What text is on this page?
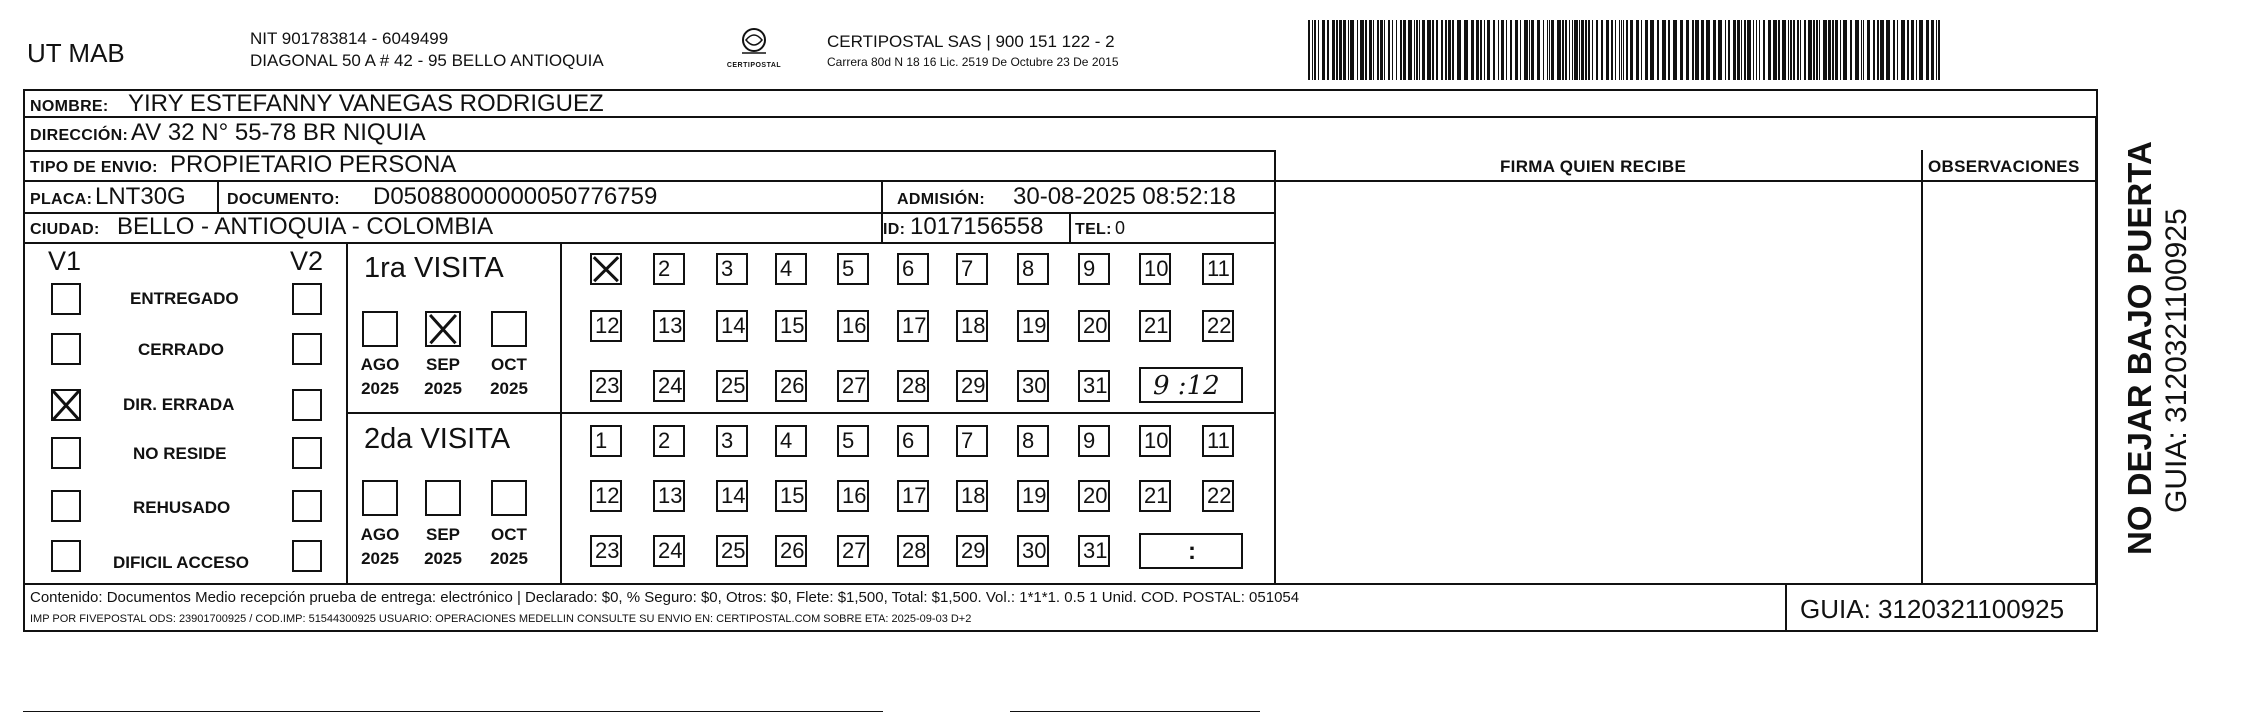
UT MAB	NIT 901783814 - 6049499
DIAGONAL 50 A # 42 - 95 BELLO ANTIOQUIA	CERTIPOSTAL
CERTIPOSTAL SAS | 900 151 122 - 2
Carrera 80d N 18 16 Lic. 2519 De Octubre 23 De 2015
NOMBRE: YIRY ESTEFANNY VANEGAS RODRIGUEZ
DIRECCIÓN: AV 32 N° 55-78 BR NIQUIA
TIPO DE ENVIO: PROPIETARIO PERSONA
PLACA: LNT30G	DOCUMENTO: D05088000000050776759	ADMISIÓN: 30-08-2025 08:52:18
CIUDAD: BELLO - ANTIOQUIA - COLOMBIA	ID: 1017156558 TEL: 0
FIRMA QUIEN RECIBE	OBSERVACIONES
V1	V2
ENTREGADO
CERRADO
DIR. ERRADA
NO RESIDE
REHUSADO
DIFICIL ACCESO
1ra VISITA
AGO	SEP	OCT
2025	2025	2025
2	3	4	5	6	7	8	9	10 11
12 13 14 15 16 17 18 19 20 21 22
23 24 25 26 27 28 29 30 31 9 :12
2da VISITA
AGO	SEP	OCT
2025	2025	2025
1	2	3	4	5	6	7	8	9	10 11
12 13 14 15 16 17 18 19 20 21 22
23 24 25 26 27 28 29 30 31	:
Contenido: Documentos Medio recepción prueba de entrega: electrónico | Declarado: $0, % Seguro: $0, Otros: $0, Flete: $1,500, Total: $1,500. Vol.: 1*1*1. 0.5 1 Unid. COD. POSTAL: 051054
IMP POR FIVEPOSTAL ODS: 23901700925 / COD.IMP: 51544300925 USUARIO: OPERACIONES MEDELLIN CONSULTE SU ENVIO EN: CERTIPOSTAL.COM SOBRE ETA: 2025-09-03 D+2	GUIA: 3120321100925
NO DEJAR BAJO PUERTA GUIA: 3120321100925
